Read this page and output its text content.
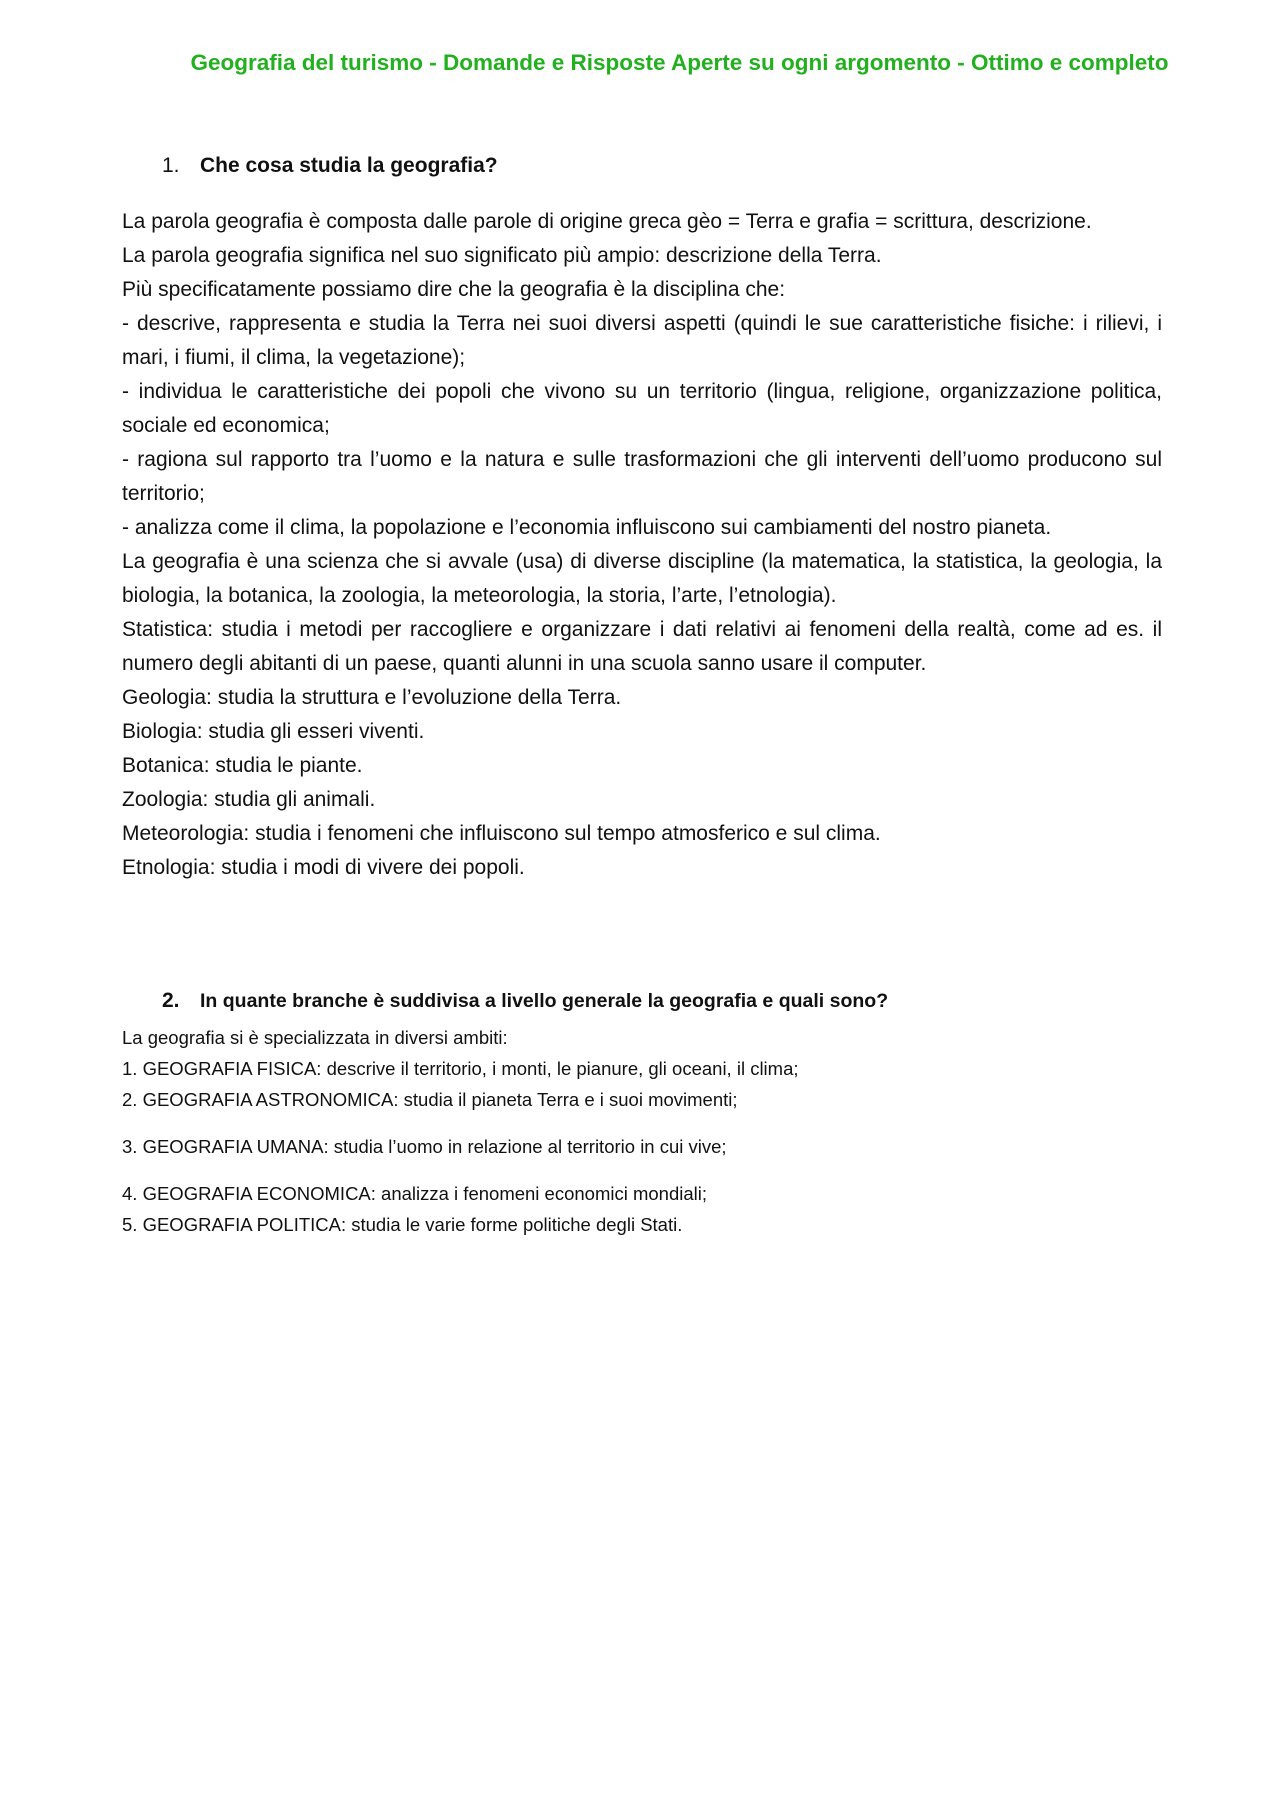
Geografia del turismo - Domande e Risposte Aperte su ogni argomento - Ottimo e completo
1. Che cosa studia la geografia?

La parola geografia è composta dalle parole di origine greca gèo = Terra e grafia = scrittura, descrizione.

La parola geografia significa nel suo significato più ampio: descrizione della Terra.

Più specificatamente possiamo dire che la geografia è la disciplina che:

- descrive, rappresenta e studia la Terra nei suoi diversi aspetti (quindi le sue caratteristiche fisiche: i rilievi, i mari, i fiumi, il clima, la vegetazione);

- individua le caratteristiche dei popoli che vivono su un territorio (lingua, religione, organizzazione politica, sociale ed economica;

- ragiona sul rapporto tra l’uomo e la natura e sulle trasformazioni che gli interventi dell’uomo producono sul territorio;

- analizza come il clima, la popolazione e l’economia influiscono sui cambiamenti del nostro pianeta.

La geografia è una scienza che si avvale (usa) di diverse discipline (la matematica, la statistica, la geologia, la biologia, la botanica, la zoologia, la meteorologia, la storia, l’arte, l’etnologia).

Statistica: studia i metodi per raccogliere e organizzare i dati relativi ai fenomeni della realtà, come ad es. il numero degli abitanti di un paese, quanti alunni in una scuola sanno usare il computer.

Geologia: studia la struttura e l’evoluzione della Terra.

Biologia: studia gli esseri viventi.

Botanica: studia le piante.

Zoologia: studia gli animali.

Meteorologia: studia i fenomeni che influiscono sul tempo atmosferico e sul clima.

Etnologia: studia i modi di vivere dei popoli.

2. In quante branche è suddivisa a livello generale la geografia e quali sono?

La geografia si è specializzata in diversi ambiti:

1. GEOGRAFIA FISICA: descrive il territorio, i monti, le pianure, gli oceani, il clima;

2. GEOGRAFIA ASTRONOMICA: studia il pianeta Terra e i suoi movimenti;

3. GEOGRAFIA UMANA: studia l’uomo in relazione al territorio in cui vive;

4. GEOGRAFIA ECONOMICA: analizza i fenomeni economici mondiali;

5. GEOGRAFIA POLITICA: studia le varie forme politiche degli Stati.
